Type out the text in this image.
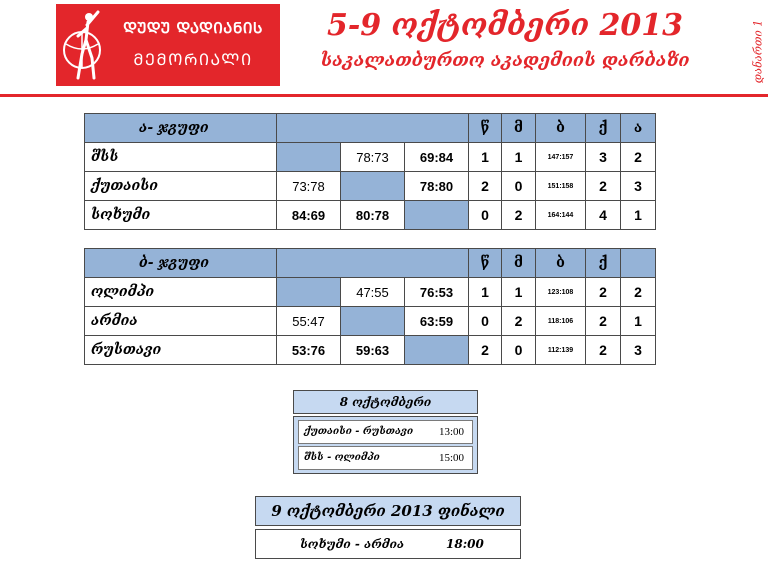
ᲓᲣᲓᲣ ᲓᲐᲓᲘᲐᲜᲘᲡ
ᲛᲔᲛᲝᲠᲘᲐᲚᲘ
5-9 ოქტომბერი 2013
საკალათბურთო აკადემიის დარბაზი	დანართი 1
ა- ჯგუფი				წ	მ	ბ	ქ	ა
შსს		78:73	69:84	1	1	147:157	3	2
ქუთაისი	73:78		78:80	2	0	151:158	2	3
სოხუმი	84:69	80:78		0	2	164:144	4	1
ბ- ჯგუფი				წ	მ	ბ	ქ	
ოლიმპი		47:55	76:53	1	1	123:108	2	2
არმია	55:47		63:59	0	2	118:106	2	1
რუსთავი	53:76	59:63		2	0	112:139	2	3
8 ოქტომბერი
ქუთაისი - რუსთავი 13:00
შსს - ოლიმპი	15:00
9 ოქტომბერი 2013 ფინალი
სოხუმი - არმია	18:00
